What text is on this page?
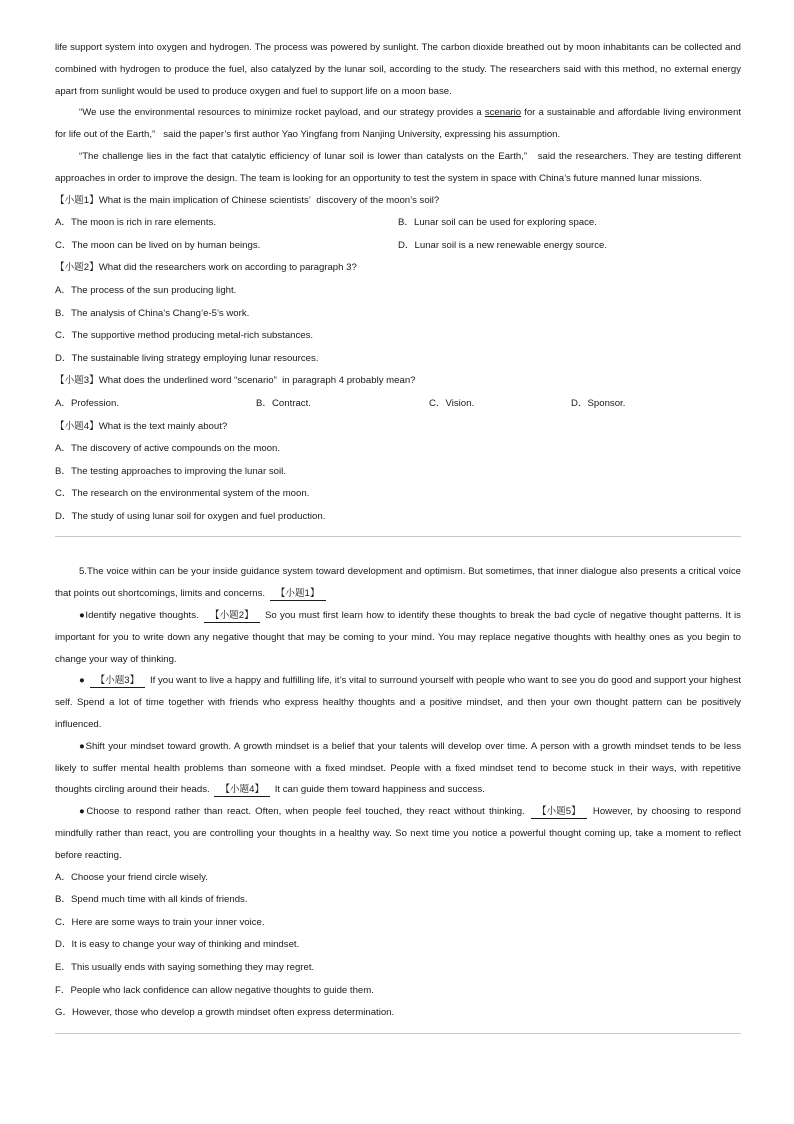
life support system into oxygen and hydrogen. The process was powered by sunlight. The carbon dioxide breathed out by moon inhabitants can be collected and combined with hydrogen to produce the fuel, also catalyzed by the lunar soil, according to the study. The researchers said with this method, no external energy apart from sunlight would be used to produce oxygen and fuel to support life on a moon base.

“We use the environmental resources to minimize rocket payload, and our strategy provides a scenario for a sustainable and affordable living environment for life out of the Earth,”   said the paper’s first author Yao Yingfang from Nanjing University, expressing his assumption.

“The challenge lies in the fact that catalytic efficiency of lunar soil is lower than catalysts on the Earth,”   said the researchers. They are testing different approaches in order to improve the design. The team is looking for an opportunity to test the system in space with China’s future manned lunar missions.

【小题1】What is the main implication of Chinese scientists’  discovery of the moon’s soil?

A．The moon is rich in rare elements.	B．Lunar soil can be used for exploring space.
C．The moon can be lived on by human beings.	D．Lunar soil is a new renewable energy source.

【小题2】What did the researchers work on according to paragraph 3?

A．The process of the sun producing light.

B．The analysis of China’s Chang’e-5’s work.

C．The supportive method producing metal-rich substances.

D．The sustainable living strategy employing lunar resources.

【小题3】What does the underlined word “scenario”  in paragraph 4 probably mean?

A．Profession.	B．Contract.	C．Vision.	D．Sponsor.

【小题4】What is the text mainly about?

A．The discovery of active compounds on the moon.

B．The testing approaches to improving the lunar soil.

C．The research on the environmental system of the moon.

D．The study of using lunar soil for oxygen and fuel production.

5.The voice within can be your inside guidance system toward development and optimism. But sometimes, that inner dialogue also presents a critical voice that points out shortcomings, limits and concerns. 【小题1】

●Identify negative thoughts. 【小题2】 So you must first learn how to identify these thoughts to break the bad cycle of negative thought patterns. It is important for you to write down any negative thought that may be coming to your mind. You may replace negative thoughts with healthy ones as you begin to change your way of thinking.

● 【小题3】 If you want to live a happy and fulfilling life, it’s vital to surround yourself with people who want to see you do good and support your highest self. Spend a lot of time together with friends who express healthy thoughts and a positive mindset, and then your own thought pattern can be positively influenced.

●Shift your mindset toward growth. A growth mindset is a belief that your talents will develop over time. A person with a growth mindset tends to be less likely to suffer mental health problems than someone with a fixed mindset. People with a fixed mindset tend to become stuck in their ways, with repetitive thoughts circling around their heads. 【小题4】 It can guide them toward happiness and success.

●Choose to respond rather than react. Often, when people feel touched, they react without thinking. 【小题5】 However, by choosing to respond mindfully rather than react, you are controlling your thoughts in a healthy way. So next time you notice a powerful thought coming up, take a moment to reflect before reacting.

A．Choose your friend circle wisely.

B．Spend much time with all kinds of friends.

C．Here are some ways to train your inner voice.

D．It is easy to change your way of thinking and mindset.

E．This usually ends with saying something they may regret.

F．People who lack confidence can allow negative thoughts to guide them.

G．However, those who develop a growth mindset often express determination.
